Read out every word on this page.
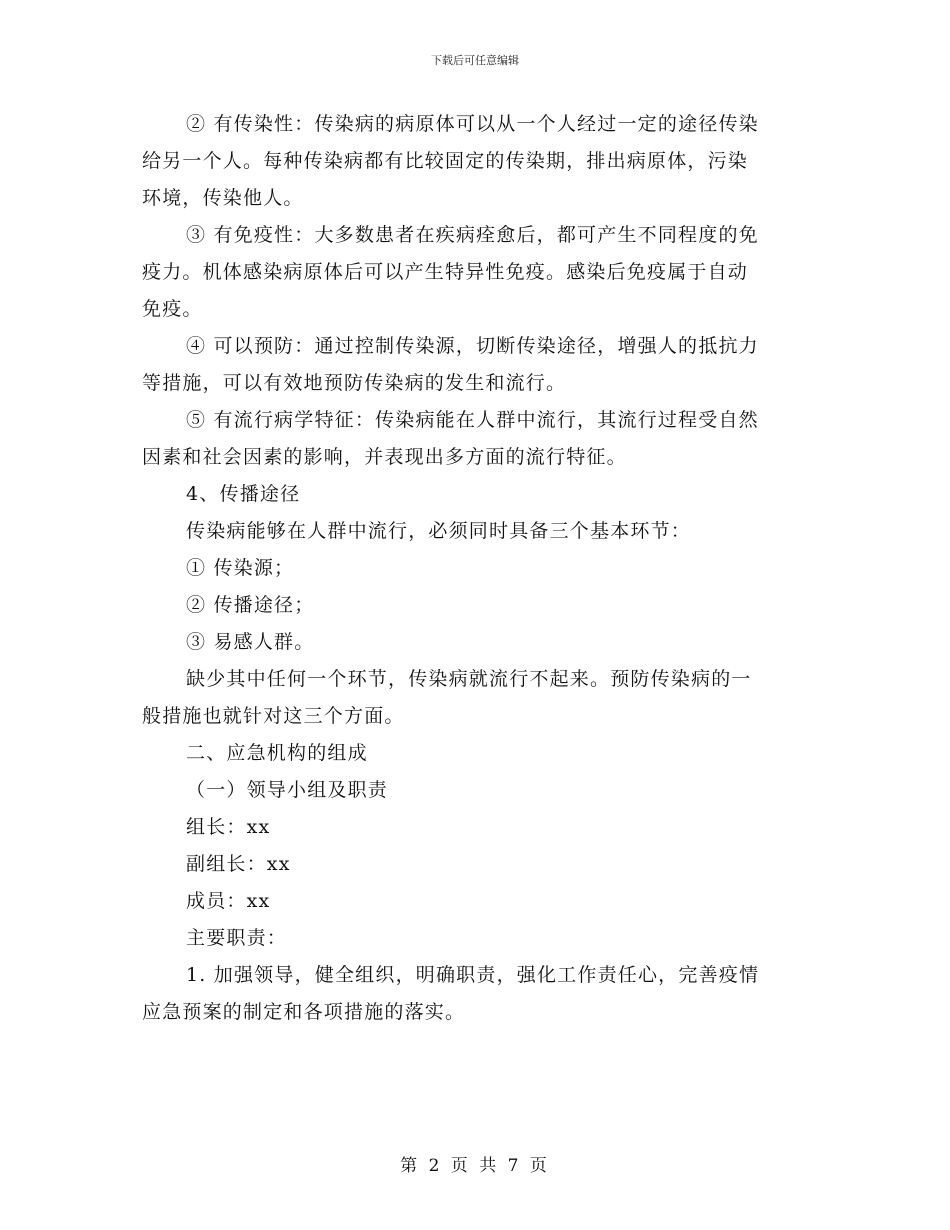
下载后可任意编辑
② 有传染性：传染病的病原体可以从一个人经过一定的途径传染
给另一个人。每种传染病都有比较固定的传染期，排出病原体，污染
环境，传染他人。
③ 有免疫性：大多数患者在疾病痊愈后，都可产生不同程度的免
疫力。机体感染病原体后可以产生特异性免疫。感染后免疫属于自动
免疫。
④ 可以预防：通过控制传染源，切断传染途径，增强人的抵抗力
等措施，可以有效地预防传染病的发生和流行。
⑤ 有流行病学特征：传染病能在人群中流行，其流行过程受自然
因素和社会因素的影响，并表现出多方面的流行特征。
4、传播途径
传染病能够在人群中流行，必须同时具备三个基本环节：
① 传染源；
② 传播途径；
③ 易感人群。
缺少其中任何一个环节，传染病就流行不起来。预防传染病的一
般措施也就针对这三个方面。
二、应急机构的组成
（一）领导小组及职责
组长：xx
副组长：xx
成员：xx
主要职责：
1. 加强领导，健全组织，明确职责，强化工作责任心，完善疫情
应急预案的制定和各项措施的落实。
第 2 页 共 7 页
